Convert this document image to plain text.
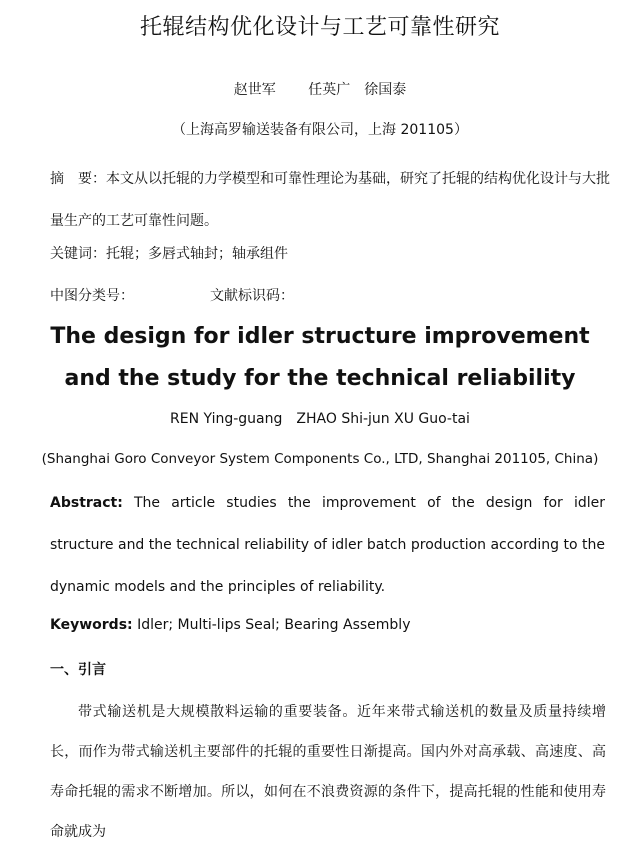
托辊结构优化设计与工艺可靠性研究
赵世军　 任英广　徐国泰
（上海高罗输送装备有限公司，上海 201105）

摘　要：本文从以托辊的力学模型和可靠性理论为基础，研究了托辊的结构优化设计与大批量生产的工艺可靠性问题。

关键词：托辊；多唇式轴封；轴承组件

中图分类号：	文献标识码：

The design for idler structure improvement and the study for the technical reliability
REN Ying-guang　ZHAO Shi-jun XU Guo-tai
(Shanghai Goro Conveyor System Components Co., LTD, Shanghai 201105, China)

Abstract: The article studies the improvement of the design for idler structure and the technical reliability of idler batch production according to the dynamic models and the principles of reliability.

Keywords: Idler; Multi-lips Seal; Bearing Assembly

一、引言

带式输送机是大规模散料运输的重要装备。近年来带式输送机的数量及质量持续增长，而作为带式输送机主要部件的托辊的重要性日渐提高。国内外对高承载、高速度、高寿命托辊的需求不断增加。所以，如何在不浪费资源的条件下，提高托辊的性能和使用寿命就成为
